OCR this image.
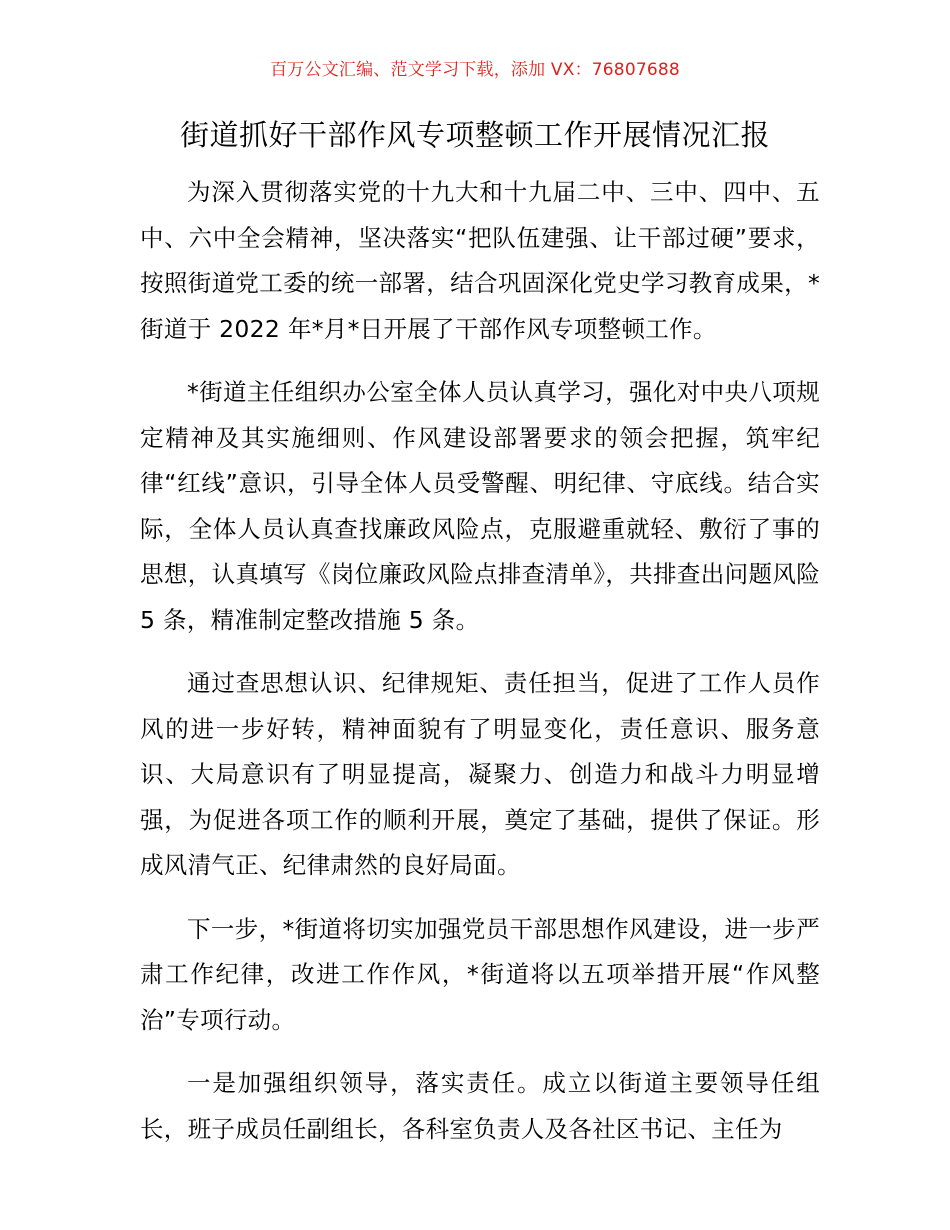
百万公文汇编、范文学习下载，添加 VX：76807688
街道抓好干部作风专项整顿工作开展情况汇报

为深入贯彻落实党的十九大和十九届二中、三中、四中、五中、六中全会精神，坚决落实“把队伍建强、让干部过硬”要求，按照街道党工委的统一部署，结合巩固深化党史学习教育成果，*街道于 2022 年*月*日开展了干部作风专项整顿工作。

*街道主任组织办公室全体人员认真学习，强化对中央八项规定精神及其实施细则、作风建设部署要求的领会把握，筑牢纪律“红线”意识，引导全体人员受警醒、明纪律、守底线。结合实际，全体人员认真查找廉政风险点，克服避重就轻、敷衍了事的思想，认真填写《岗位廉政风险点排查清单》，共排查出问题风险 5 条，精准制定整改措施 5 条。

通过查思想认识、纪律规矩、责任担当，促进了工作人员作风的进一步好转，精神面貌有了明显变化，责任意识、服务意识、大局意识有了明显提高，凝聚力、创造力和战斗力明显增强，为促进各项工作的顺利开展，奠定了基础，提供了保证。形成风清气正、纪律肃然的良好局面。

下一步，*街道将切实加强党员干部思想作风建设，进一步严肃工作纪律，改进工作作风，*街道将以五项举措开展“作风整治”专项行动。

一是加强组织领导，落实责任。成立以街道主要领导任组长，班子成员任副组长，各科室负责人及各社区书记、主任为
